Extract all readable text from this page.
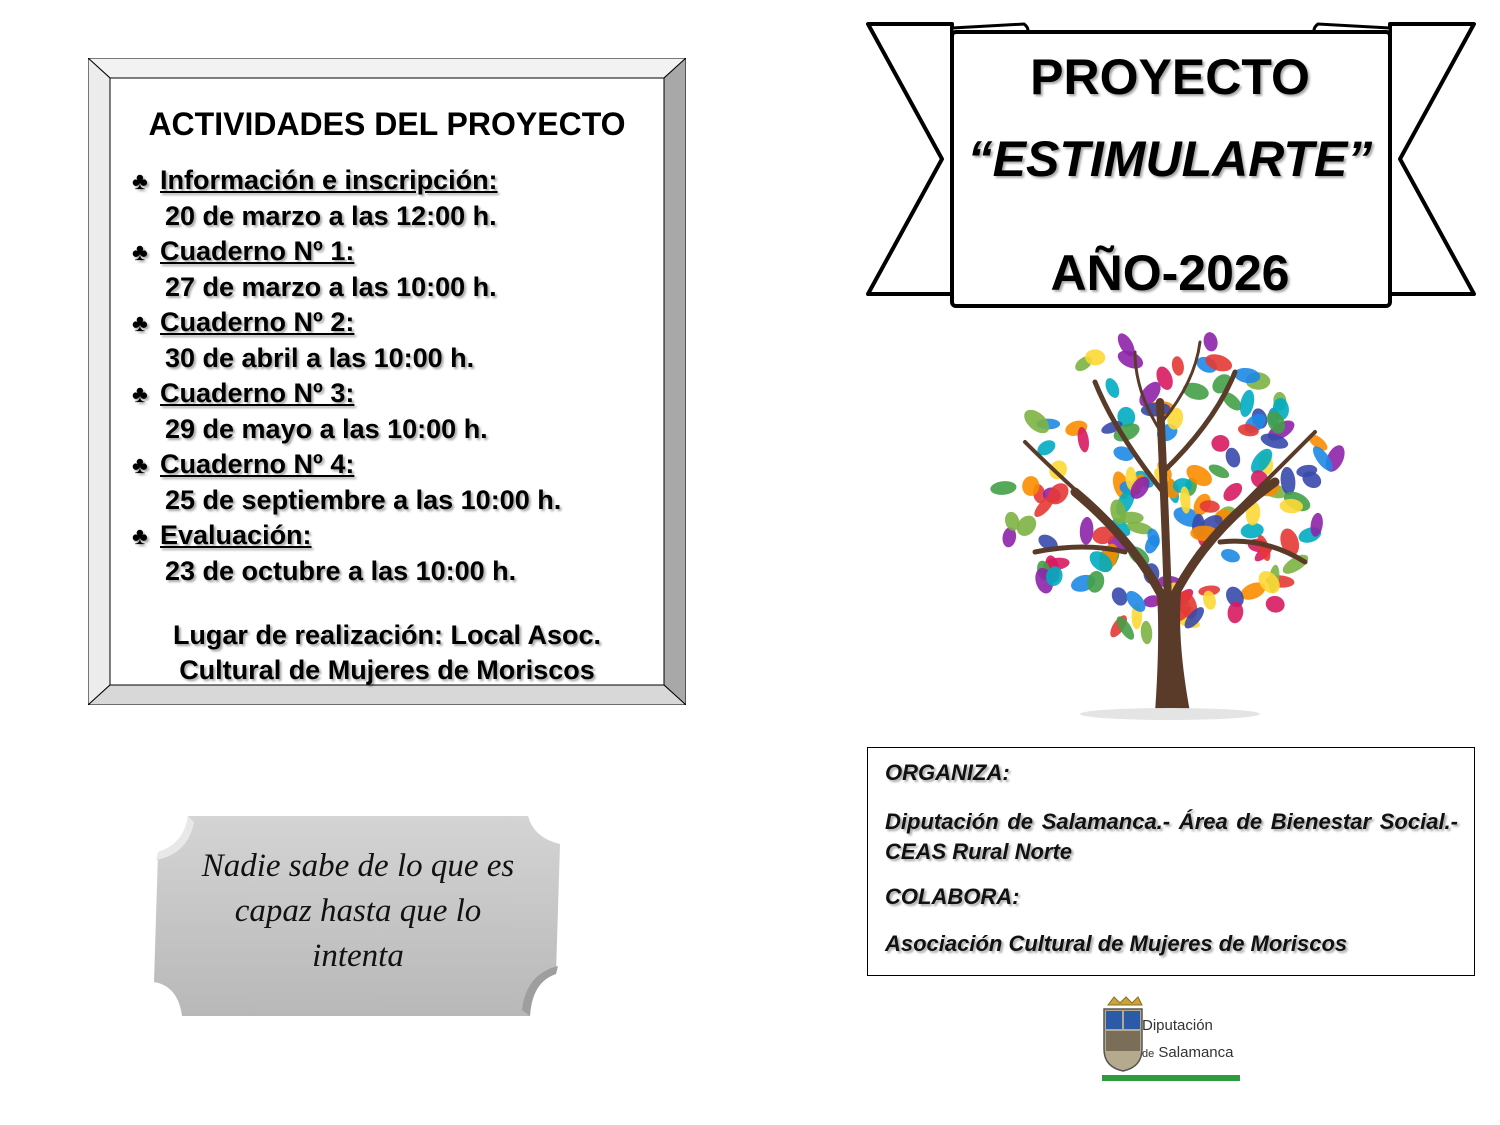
ACTIVIDADES DEL PROYECTO
♣ Información e inscripción:
20 de marzo a las 12:00 h.
♣ Cuaderno Nº 1:
27 de marzo a las 10:00 h.
♣ Cuaderno Nº 2:
30 de abril a las 10:00 h.
♣ Cuaderno Nº 3:
29 de mayo a las 10:00 h.
♣ Cuaderno Nº 4:
25 de septiembre a las 10:00 h.
♣ Evaluación:
23 de octubre a las 10:00 h.
Lugar de realización: Local Asoc.
Cultural de Mujeres de Moriscos
Nadie sabe de lo que es
capaz hasta que lo
intenta
PROYECTO
“ESTIMULARTE”
AÑO-2026

ORGANIZA:

Diputación de Salamanca.- Área de Bienestar Social.- CEAS Rural Norte

COLABORA:

Asociación Cultural de Mujeres de Moriscos

Diputación
de Salamanca
